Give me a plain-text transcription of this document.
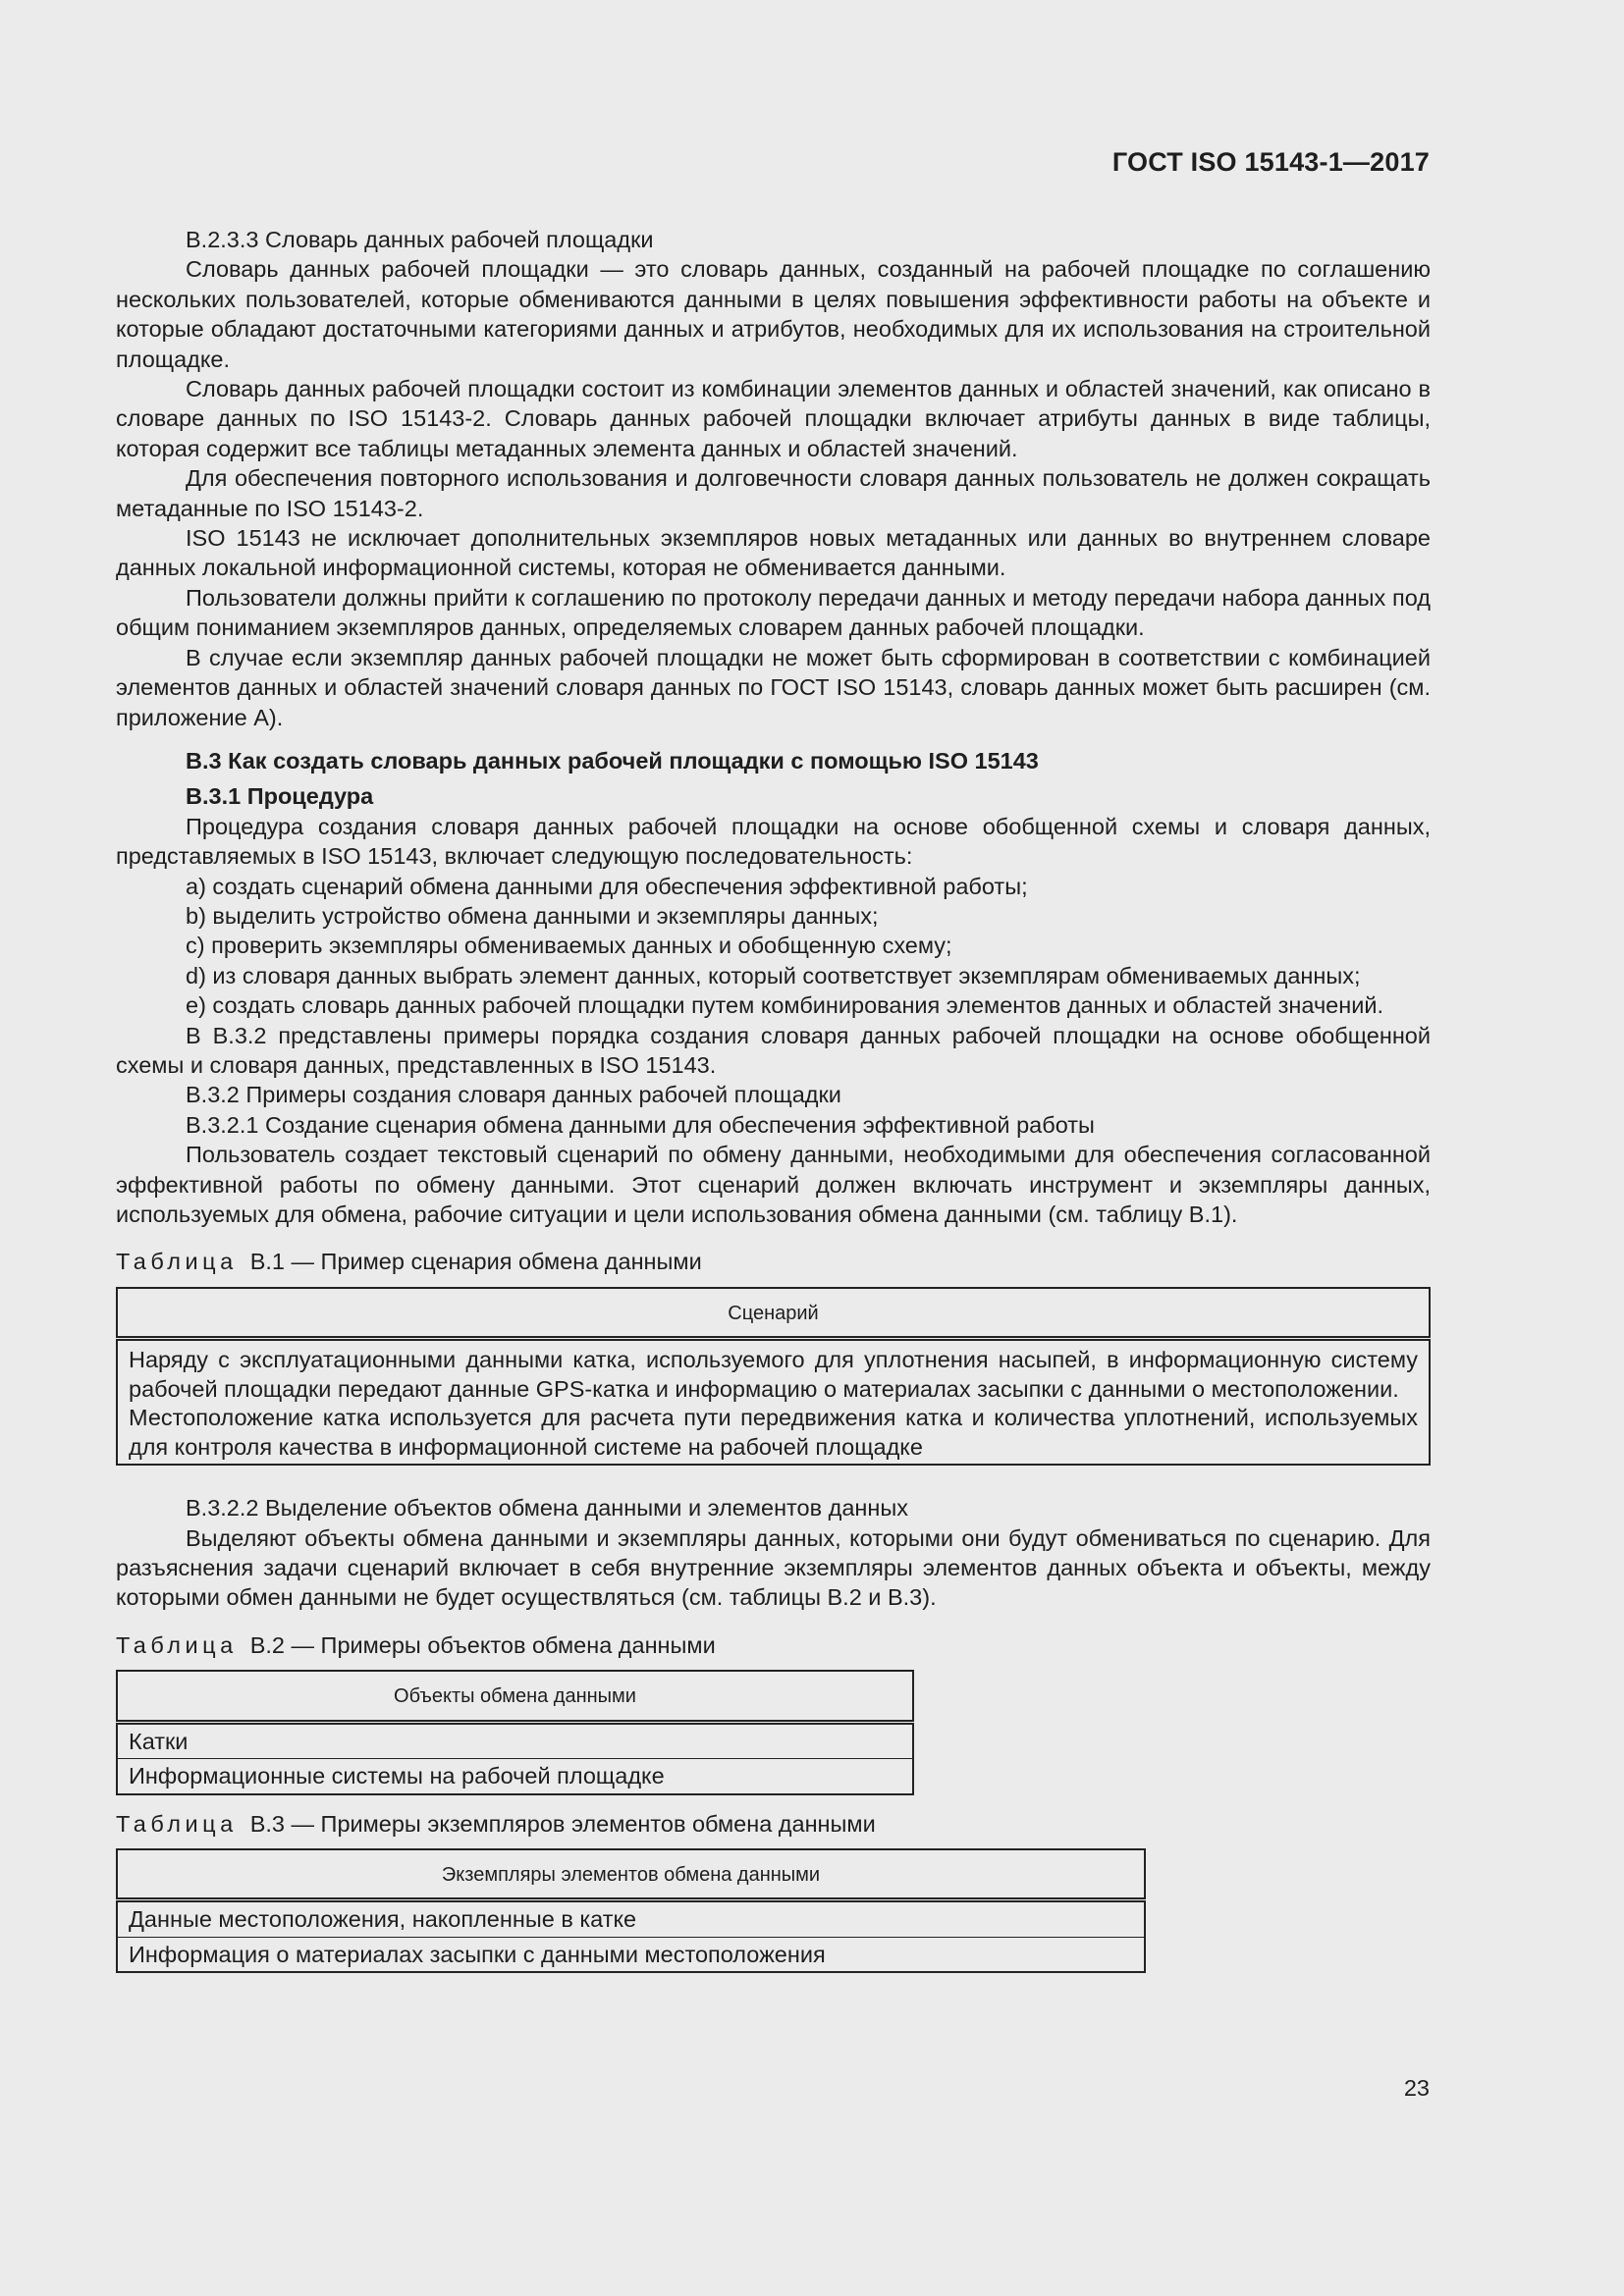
ГОСТ ISO 15143-1—2017

B.2.3.3 Словарь данных рабочей площадки

Словарь данных рабочей площадки — это словарь данных, созданный на рабочей площадке по соглашению нескольких пользователей, которые обмениваются данными в целях повышения эффективности работы на объекте и которые обладают достаточными категориями данных и атрибутов, необходимых для их использования на строительной площадке.

Словарь данных рабочей площадки состоит из комбинации элементов данных и областей значений, как описано в словаре данных по ISO 15143-2. Словарь данных рабочей площадки включает атрибуты данных в виде таблицы, которая содержит все таблицы метаданных элемента данных и областей значений.

Для обеспечения повторного использования и долговечности словаря данных пользователь не должен сокращать метаданные по ISO 15143-2.

ISO 15143 не исключает дополнительных экземпляров новых метаданных или данных во внутреннем словаре данных локальной информационной системы, которая не обменивается данными.

Пользователи должны прийти к соглашению по протоколу передачи данных и методу передачи набора данных под общим пониманием экземпляров данных, определяемых словарем данных рабочей площадки.

В случае если экземпляр данных рабочей площадки не может быть сформирован в соответствии с комбинацией элементов данных и областей значений словаря данных по ГОСТ ISO 15143, словарь данных может быть расширен (см. приложение А).

B.3 Как создать словарь данных рабочей площадки с помощью ISO 15143
B.3.1 Процедура

Процедура создания словаря данных рабочей площадки на основе обобщенной схемы и словаря данных, представляемых в ISO 15143, включает следующую последовательность:

a) создать сценарий обмена данными для обеспечения эффективной работы;
b) выделить устройство обмена данными и экземпляры данных;
c) проверить экземпляры обмениваемых данных и обобщенную схему;
d) из словаря данных выбрать элемент данных, который соответствует экземплярам обмениваемых данных;
e) создать словарь данных рабочей площадки путем комбинирования элементов данных и областей значений.

В B.3.2 представлены примеры порядка создания словаря данных рабочей площадки на основе обобщенной схемы и словаря данных, представленных в ISO 15143.

B.3.2 Примеры создания словаря данных рабочей площадки

B.3.2.1 Создание сценария обмена данными для обеспечения эффективной работы

Пользователь создает текстовый сценарий по обмену данными, необходимыми для обеспечения согласованной эффективной работы по обмену данными. Этот сценарий должен включать инструмент и экземпляры данных, используемых для обмена, рабочие ситуации и цели использования обмена данными (см. таблицу B.1).

Таблица B.1 — Пример сценария обмена данными

Сценарий

Наряду с эксплуатационными данными катка, используемого для уплотнения насыпей, в информационную систему рабочей площадки передают данные GPS-катка и информацию о материалах засыпки с данными о местоположении.
Местоположение катка используется для расчета пути передвижения катка и количества уплотнений, используемых для контроля качества в информационной системе на рабочей площадке

B.3.2.2 Выделение объектов обмена данными и элементов данных

Выделяют объекты обмена данными и экземпляры данных, которыми они будут обмениваться по сценарию. Для разъяснения задачи сценарий включает в себя внутренние экземпляры элементов данных объекта и объекты, между которыми обмен данными не будет осуществляться (см. таблицы B.2 и B.3).

Таблица B.2 — Примеры объектов обмена данными

Объекты обмена данными
Катки
Информационные системы на рабочей площадке

Таблица B.3 — Примеры экземпляров элементов обмена данными

Экземпляры элементов обмена данными
Данные местоположения, накопленные в катке
Информация о материалах засыпки с данными местоположения
23
